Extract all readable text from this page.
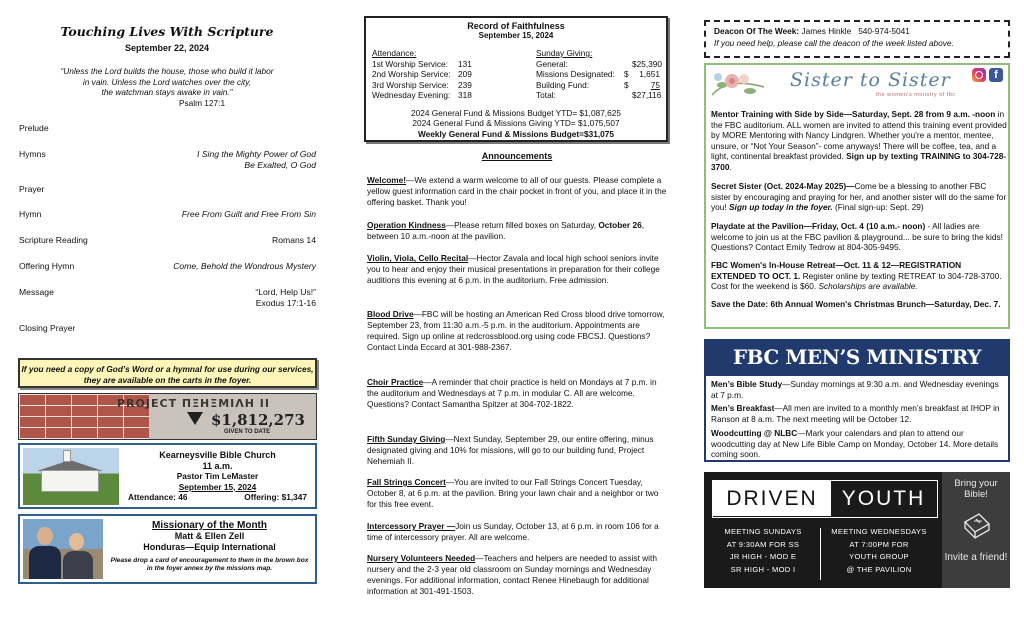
Touching Lives With Scripture
September 22, 2024
“Unless the Lord builds the house, those who build it labor
in vain. Unless the Lord watches over the city,
the watchman stays awake in vain.”
Psalm 127:1
Prelude
Hymns	I Sing the Mighty Power of God
Be Exalted, O God
Prayer
Hymn	Free From Guilt and Free From Sin
Scripture Reading	Romans 14
Offering Hymn	Come, Behold the Wondrous Mystery
Message	“Lord, Help Us!”
Exodus 17:1-16
Closing Prayer
If you need a copy of God’s Word or a hymnal for use during our services, they are available on the carts in the foyer.
PROJECT ΠΞΗΞΜΙΛΗ II
$1,812,273
GIVEN TO DATE
Kearneysville Bible Church
11 a.m.
Pastor Tim LeMaster
September 15, 2024
Attendance: 46	Offering: $1,347
Missionary of the Month
Matt & Ellen Zell
Honduras—Equip International
Please drop a card of encouragement to them in the brown box in the foyer annex by the missions map.
Record of Faithfulness
September 15, 2024
Attendance:
1st Worship Service:	131
2nd Worship Service: 209
3rd Worship Service:	239
Wednesday Evening: 318
Sunday Giving:
General:	$25,390
Missions Designated:	$	1,651
Building Fund:	$	75
Total:	$27,116
2024 General Fund & Missions Budget YTD= $1,087,625
2024 General Fund & Missions Giving YTD= $1,075,507
Weekly General Fund & Missions Budget=$31,075
Announcements
Welcome!—We extend a warm welcome to all of our guests. Please complete a yellow guest information card in the chair pocket in front of you, and place it in the offering basket. Thank you!
Operation Kindness—Please return filled boxes on Saturday, October 26, between 10 a.m.-noon at the pavilion.
Violin, Viola, Cello Recital—Hector Zavala and local high school seniors invite you to hear and enjoy their musical presentations in preparation for their college auditions this evening at 6 p.m. in the auditorium. Free admission.
Blood Drive—FBC will be hosting an American Red Cross blood drive tomorrow, September 23, from 11:30 a.m.-5 p.m. in the auditorium. Appointments are required. Sign up online at redcrossblood.org using code FBCSJ. Questions? Contact Linda Eccard at 301-988-2367.
Choir Practice—A reminder that choir practice is held on Mondays at 7 p.m. in the auditorium and Wednesdays at 7 p.m. in modular C. All are welcome. Questions? Contact Samantha Spitzer at 304-702-1822.
Fifth Sunday Giving—Next Sunday, September 29, our entire offering, minus designated giving and 10% for missions, will go to our building fund, Project Nehemiah II.
Fall Strings Concert—You are invited to our Fall Strings Concert Tuesday, October 8, at 6 p.m. at the pavilion. Bring your lawn chair and a neighbor or two for this free event.
Intercessory Prayer —Join us Sunday, October 13, at 6 p.m. in room 106 for a time of intercessory prayer. All are welcome.
Nursery Volunteers Needed—Teachers and helpers are needed to assist with nursery and the 2-3 year old classroom on Sunday mornings and Wednesday evenings. For additional information, contact Renee Hinebaugh for additional information at 301-491-1503.
Deacon Of The Week: James Hinkle 540-974-5041
If you need help, please call the deacon of the week listed above.
Sister to Sister
the women's ministry of fbc
f
Mentor Training with Side by Side—Saturday, Sept. 28 from 9 a.m. -noon in the FBC auditorium. ALL women are invited to attend this training event provided by MORE Mentoring with Nancy Lindgren. Whether you're a mentor, mentee, unsure, or “Not Your Season”- come anyways! There will be coffee, tea, and a light, continental breakfast provided. Sign up by texting TRAINING to 304-728-3700.
Secret Sister (Oct. 2024-May 2025)—Come be a blessing to another FBC sister by encouraging and praying for her, and another sister will do the same for you! Sign up today in the foyer. (Final sign-up: Sept. 29)
Playdate at the Pavilion—Friday, Oct. 4 (10 a.m.- noon) - All ladies are welcome to join us at the FBC pavilion & playground... be sure to bring the kids! Questions? Contact Emily Tedrow at 804-305-9495.
FBC Women's In-House Retreat—Oct. 11 & 12—REGISTRATION EXTENDED TO OCT. 1. Register online by texting RETREAT to 304-728-3700. Cost for the weekend is $60. Scholarships are available.
Save the Date: 6th Annual Women's Christmas Brunch—Saturday, Dec. 7.
FBC MEN’S MINISTRY
Men’s Bible Study—Sunday mornings at 9:30 a.m. and Wednesday evenings at 7 p.m.
Men’s Breakfast—All men are invited to a monthly men’s breakfast at IHOP in Ranson at 8 a.m. The next meeting will be October 12.
Woodcutting @ NLBC—Mark your calendars and plan to attend our woodcutting day at New Life Bible Camp on Monday, October 14. More details coming soon.
DRIVEN	YOUTH
MEETING SUNDAYS
AT 9:30AM FOR SS
JR HIGH - MOD E
SR HIGH - MOD I
MEETING WEDNESDAYS
AT 7:00PM FOR
YOUTH GROUP
@ THE PAVILION
Bring your Bible!
Invite a friend!
